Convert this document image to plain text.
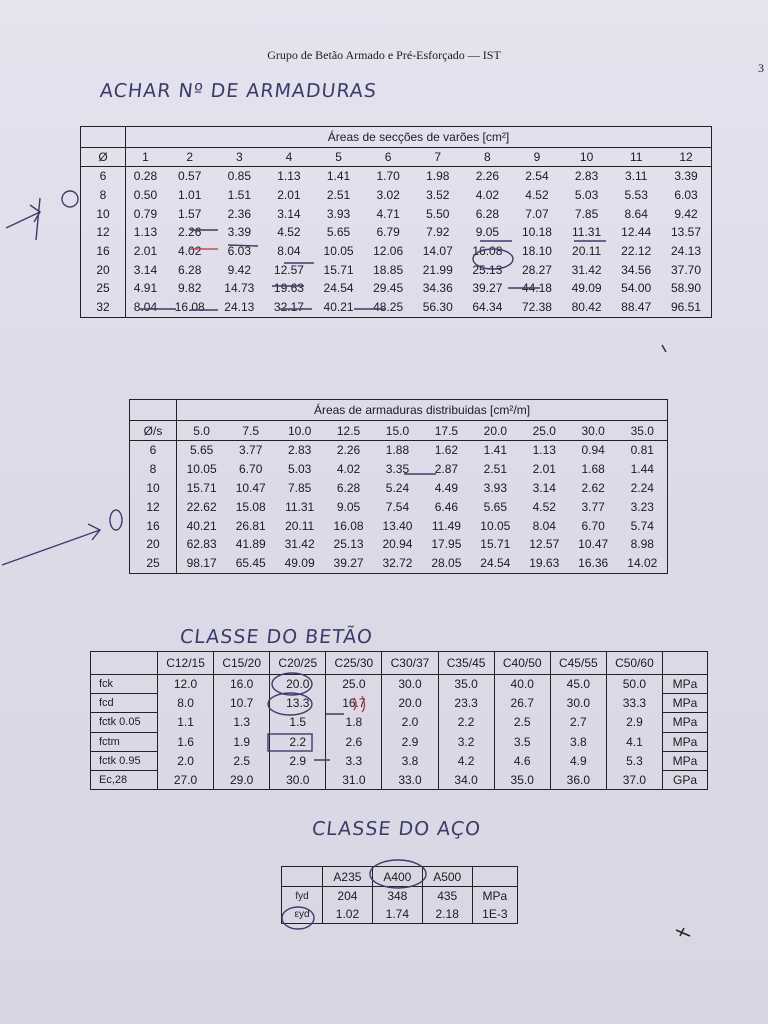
Grupo de Betão Armado e Pré-Esforçado — IST
3
ACHAR Nº DE ARMADURAS
CLASSE DO BETÃO
CLASSE DO AÇO
	Áreas de secções de varões [cm²]											
Ø	1	2	3	4	5	6	7	8	9	10	11	12
6	0.28	0.57	0.85	1.13	1.41	1.70	1.98	2.26	2.54	2.83	3.11	3.39
8	0.50	1.01	1.51	2.01	2.51	3.02	3.52	4.02	4.52	5.03	5.53	6.03
10	0.79	1.57	2.36	3.14	3.93	4.71	5.50	6.28	7.07	7.85	8.64	9.42
12	1.13	2.26	3.39	4.52	5.65	6.79	7.92	9.05	10.18	11.31	12.44	13.57
16	2.01	4.02	6.03	8.04	10.05	12.06	14.07	16.08	18.10	20.11	22.12	24.13
20	3.14	6.28	9.42	12.57	15.71	18.85	21.99	25.13	28.27	31.42	34.56	37.70
25	4.91	9.82	14.73	19.63	24.54	29.45	34.36	39.27	44.18	49.09	54.00	58.90
32	8.04	16.08	24.13	32.17	40.21	48.25	56.30	64.34	72.38	80.42	88.47	96.51
	Áreas de armaduras distribuidas [cm²/m]									
Ø/s	5.0	7.5	10.0	12.5	15.0	17.5	20.0	25.0	30.0	35.0
6	5.65	3.77	2.83	2.26	1.88	1.62	1.41	1.13	0.94	0.81
8	10.05	6.70	5.03	4.02	3.35	2.87	2.51	2.01	1.68	1.44
10	15.71	10.47	7.85	6.28	5.24	4.49	3.93	3.14	2.62	2.24
12	22.62	15.08	11.31	9.05	7.54	6.46	5.65	4.52	3.77	3.23
16	40.21	26.81	20.11	16.08	13.40	11.49	10.05	8.04	6.70	5.74
20	62.83	41.89	31.42	25.13	20.94	17.95	15.71	12.57	10.47	8.98
25	98.17	65.45	49.09	39.27	32.72	28.05	24.54	19.63	16.36	14.02
	C12/15	C15/20	C20/25	C25/30	C30/37	C35/45	C40/50	C45/55	C50/60	
fck	12.0	16.0	20.0	25.0	30.0	35.0	40.0	45.0	50.0	MPa
fcd	8.0	10.7	13.3	16.7	20.0	23.3	26.7	30.0	33.3	MPa
fctk 0.05	1.1	1.3	1.5	1.8	2.0	2.2	2.5	2.7	2.9	MPa
fctm	1.6	1.9	2.2	2.6	2.9	3.2	3.5	3.8	4.1	MPa
fctk 0.95	2.0	2.5	2.9	3.3	3.8	4.2	4.6	4.9	5.3	MPa
Ec,28	27.0	29.0	30.0	31.0	33.0	34.0	35.0	36.0	37.0	GPa
	A235	A400	A500	
fyd	204	348	435	MPa
εyd	1.02	1.74	2.18	1E-3
